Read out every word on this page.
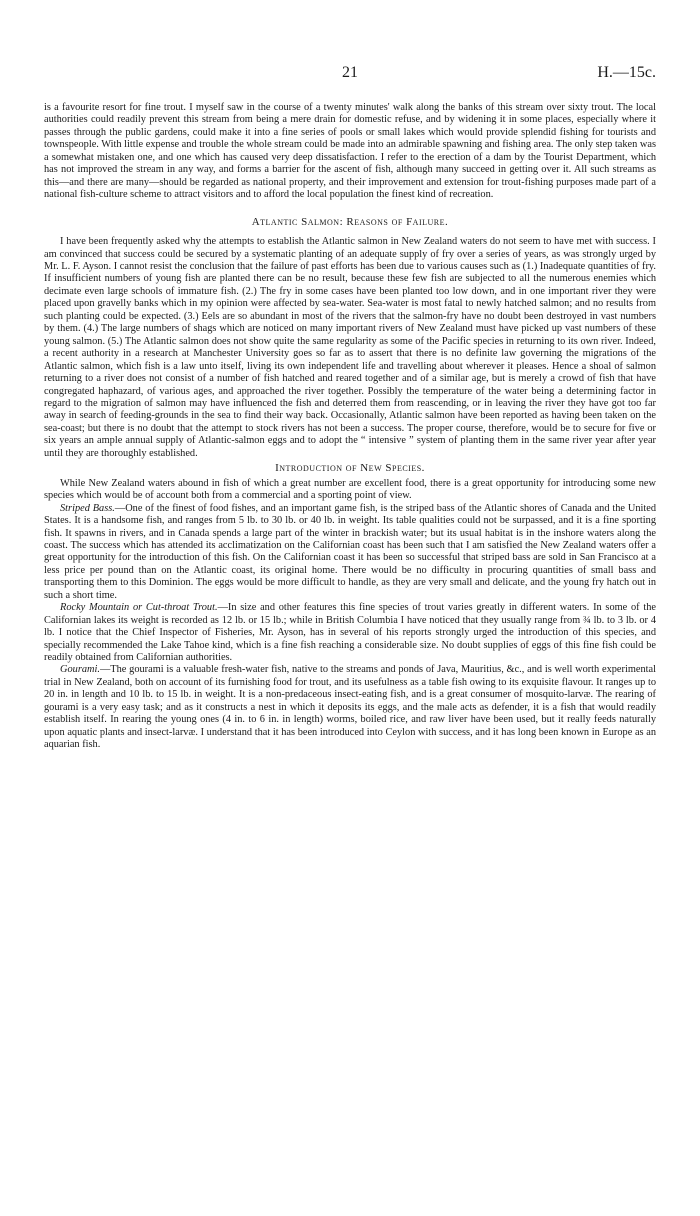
21	H.—15c.

is a favourite resort for fine trout. I myself saw in the course of a twenty minutes' walk along the banks of this stream over sixty trout. The local authorities could readily prevent this stream from being a mere drain for domestic refuse, and by widening it in some places, especially where it passes through the public gardens, could make it into a fine series of pools or small lakes which would provide splendid fishing for tourists and townspeople. With little expense and trouble the whole stream could be made into an admirable spawning and fishing area. The only step taken was a somewhat mistaken one, and one which has caused very deep dissatisfaction. I refer to the erection of a dam by the Tourist Department, which has not improved the stream in any way, and forms a barrier for the ascent of fish, although many succeed in getting over it. All such streams as this—and there are many—should be regarded as national property, and their improvement and extension for trout-fishing purposes made part of a national fish-culture scheme to attract visitors and to afford the local population the finest kind of recreation.

Atlantic Salmon: Reasons of Failure.

I have been frequently asked why the attempts to establish the Atlantic salmon in New Zealand waters do not seem to have met with success. I am convinced that success could be secured by a systematic planting of an adequate supply of fry over a series of years, as was strongly urged by Mr. L. F. Ayson. I cannot resist the conclusion that the failure of past efforts has been due to various causes such as (1.) Inadequate quantities of fry. If insufficient numbers of young fish are planted there can be no result, because these few fish are subjected to all the numerous enemies which decimate even large schools of immature fish. (2.) The fry in some cases have been planted too low down, and in one important river they were placed upon gravelly banks which in my opinion were affected by sea-water. Sea-water is most fatal to newly hatched salmon; and no results from such planting could be expected. (3.) Eels are so abundant in most of the rivers that the salmon-fry have no doubt been destroyed in vast numbers by them. (4.) The large numbers of shags which are noticed on many important rivers of New Zealand must have picked up vast numbers of these young salmon. (5.) The Atlantic salmon does not show quite the same regularity as some of the Pacific species in returning to its own river. Indeed, a recent authority in a research at Manchester University goes so far as to assert that there is no definite law governing the migrations of the Atlantic salmon, which fish is a law unto itself, living its own independent life and travelling about wherever it pleases. Hence a shoal of salmon returning to a river does not consist of a number of fish hatched and reared together and of a similar age, but is merely a crowd of fish that have congregated haphazard, of various ages, and approached the river together. Possibly the temperature of the water being a determining factor in regard to the migration of salmon may have influenced the fish and deterred them from reascending, or in leaving the river they have got too far away in search of feeding-grounds in the sea to find their way back. Occasionally, Atlantic salmon have been reported as having been taken on the sea-coast; but there is no doubt that the attempt to stock rivers has not been a success. The proper course, therefore, would be to secure for five or six years an ample annual supply of Atlantic-salmon eggs and to adopt the “ intensive ” system of planting them in the same river year after year until they are thoroughly established.

Introduction of New Species.

While New Zealand waters abound in fish of which a great number are excellent food, there is a great opportunity for introducing some new species which would be of account both from a commercial and a sporting point of view.

Striped Bass.—One of the finest of food fishes, and an important game fish, is the striped bass of the Atlantic shores of Canada and the United States. It is a handsome fish, and ranges from 5 lb. to 30 lb. or 40 lb. in weight. Its table qualities could not be surpassed, and it is a fine sporting fish. It spawns in rivers, and in Canada spends a large part of the winter in brackish water; but its usual habitat is in the inshore waters along the coast. The success which has attended its acclimatization on the Californian coast has been such that I am satisfied the New Zealand waters offer a great opportunity for the introduction of this fish. On the Californian coast it has been so successful that striped bass are sold in San Francisco at a less price per pound than on the Atlantic coast, its original home. There would be no difficulty in procuring quantities of small bass and transporting them to this Dominion. The eggs would be more difficult to handle, as they are very small and delicate, and the young fry hatch out in such a short time.

Rocky Mountain or Cut-throat Trout.—In size and other features this fine species of trout varies greatly in different waters. In some of the Californian lakes its weight is recorded as 12 lb. or 15 lb.; while in British Columbia I have noticed that they usually range from ¾ lb. to 3 lb. or 4 lb. I notice that the Chief Inspector of Fisheries, Mr. Ayson, has in several of his reports strongly urged the introduction of this species, and specially recommended the Lake Tahoe kind, which is a fine fish reaching a considerable size. No doubt supplies of eggs of this fine fish could be readily obtained from Californian authorities.

Gourami.—The gourami is a valuable fresh-water fish, native to the streams and ponds of Java, Mauritius, &c., and is well worth experimental trial in New Zealand, both on account of its furnishing food for trout, and its usefulness as a table fish owing to its exquisite flavour. It ranges up to 20 in. in length and 10 lb. to 15 lb. in weight. It is a non-predaceous insect-eating fish, and is a great consumer of mosquito-larvæ. The rearing of gourami is a very easy task; and as it constructs a nest in which it deposits its eggs, and the male acts as defender, it is a fish that would readily establish itself. In rearing the young ones (4 in. to 6 in. in length) worms, boiled rice, and raw liver have been used, but it really feeds naturally upon aquatic plants and insect-larvæ. I understand that it has been introduced into Ceylon with success, and it has long been known in Europe as an aquarian fish.
